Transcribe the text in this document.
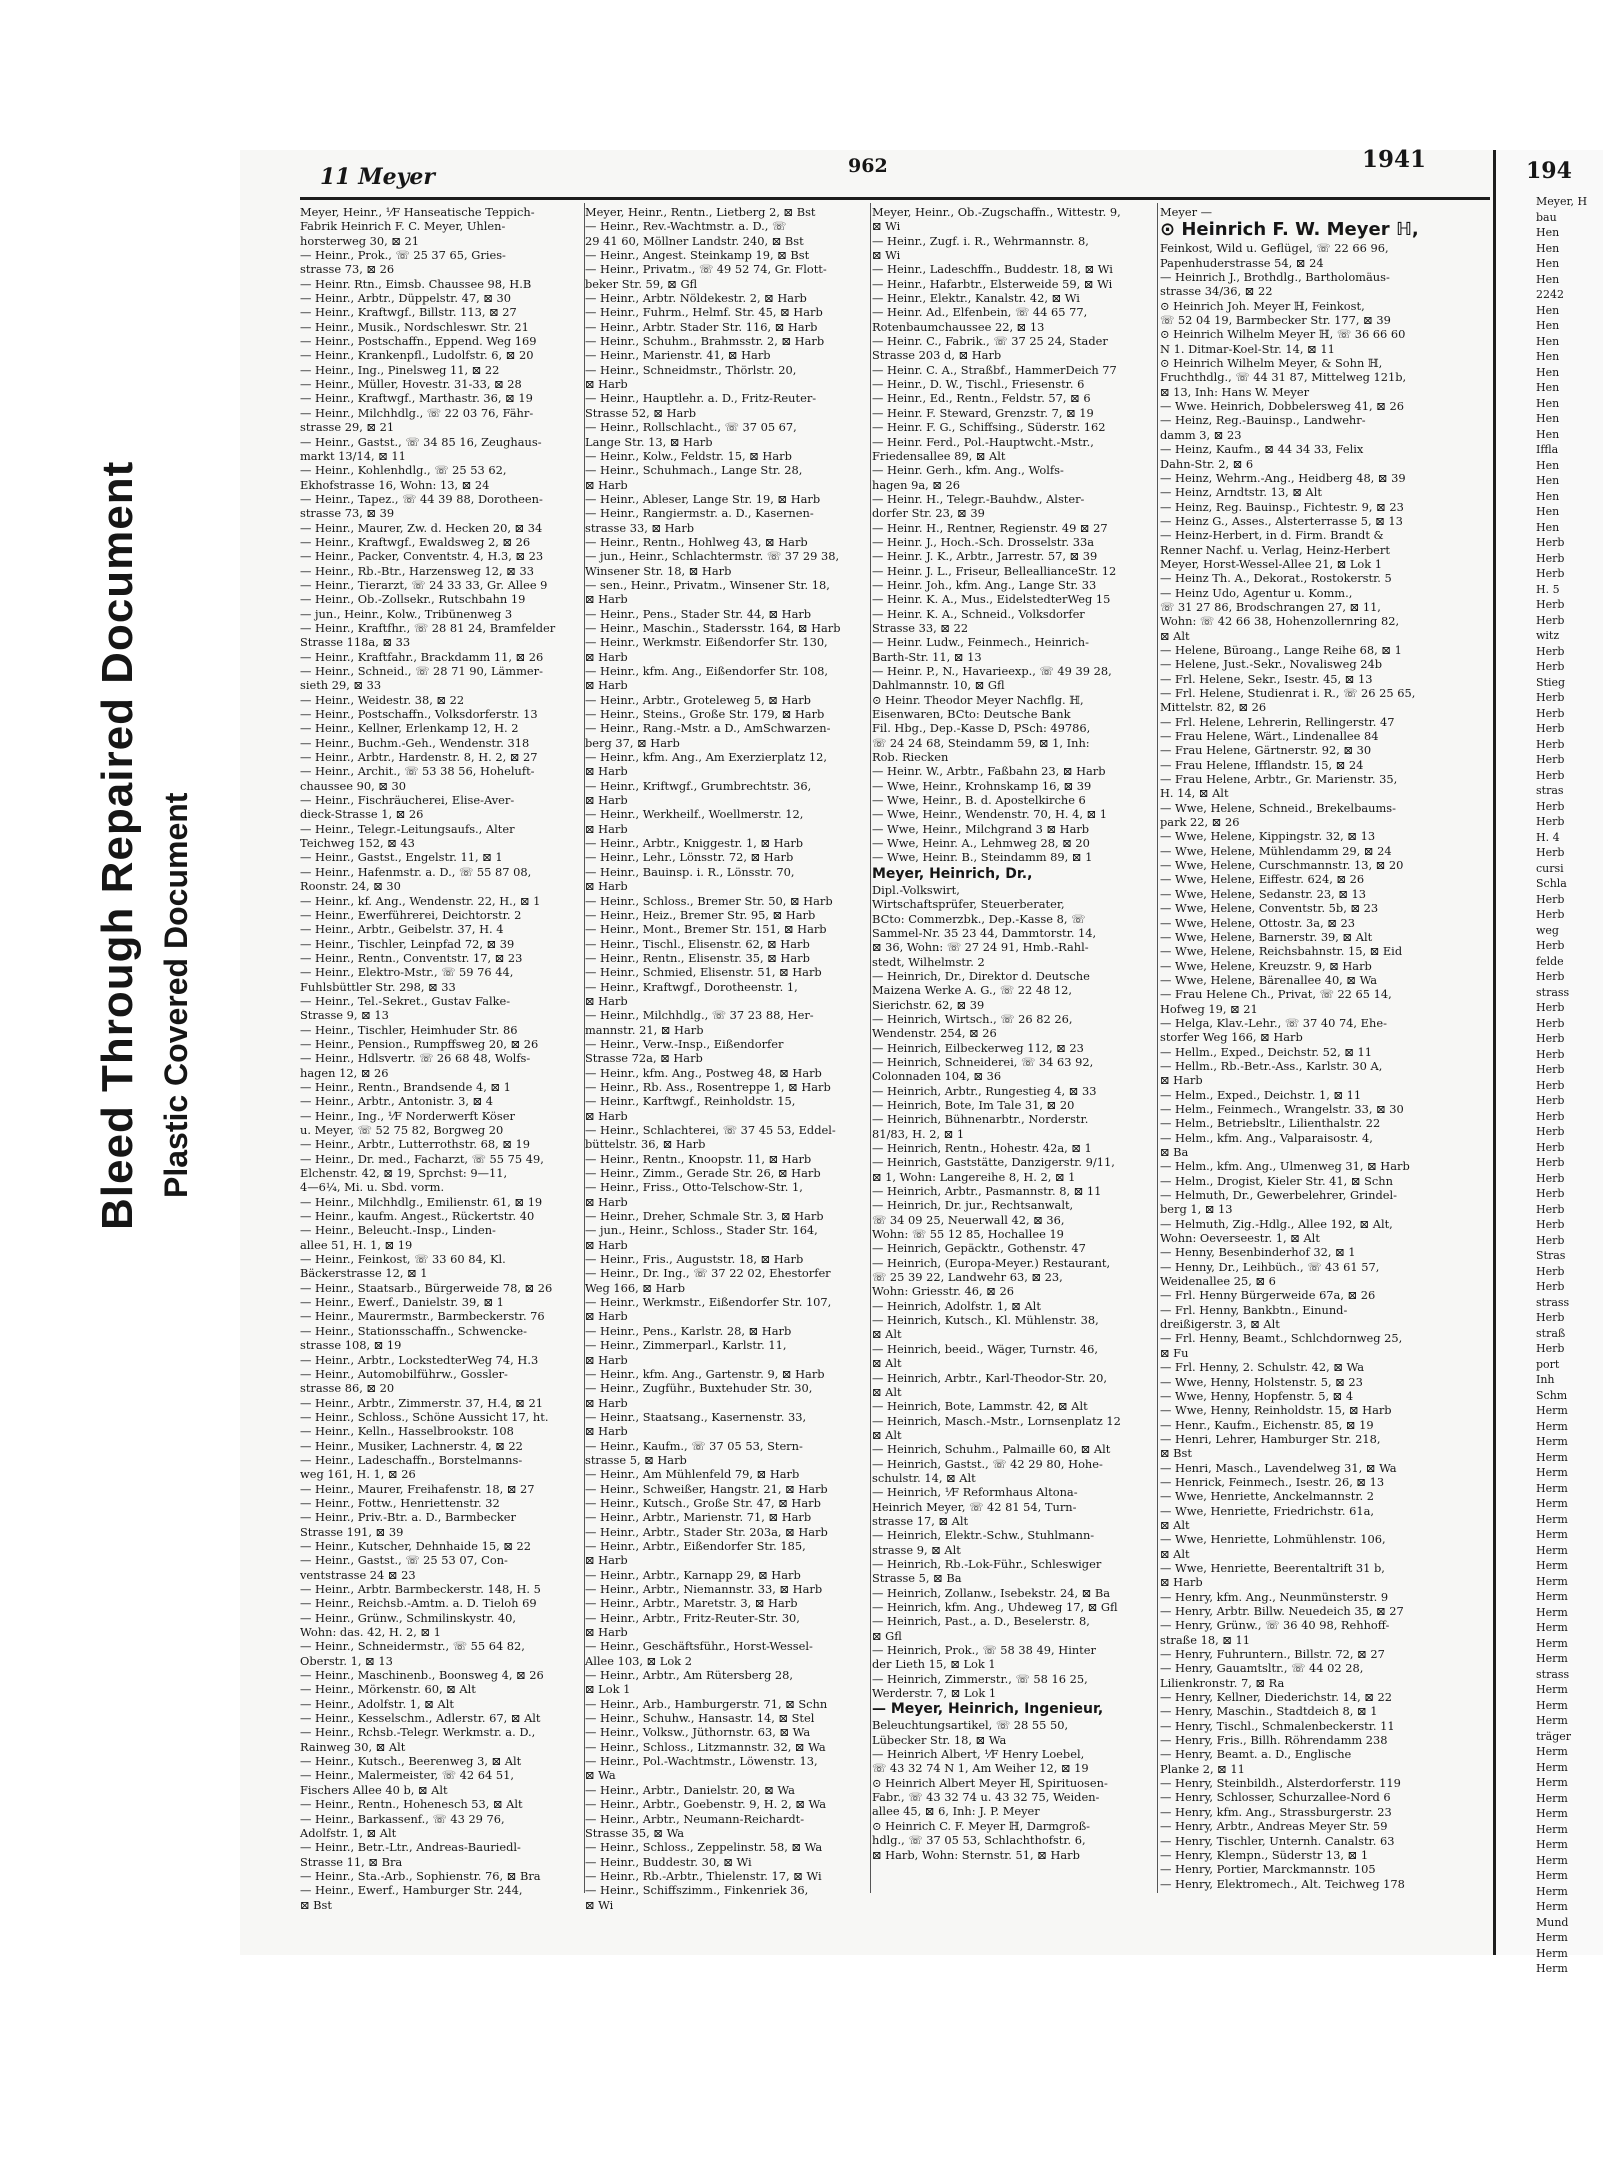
Bleed Through Repaired Document Plastic Covered Document
194
Meyer, H
bau
Hen
Hen
Hen
Hen
2242
Hen
Hen
Hen
Hen
Hen
Hen
Hen
Hen
Hen
Iffla
Hen
Hen
Hen
Hen
Hen
Herb
Herb
Herb
H. 5
Herb
Herb
witz
Herb
Herb
Stieg
Herb
Herb
Herb
Herb
Herb
Herb
stras
Herb
Herb
H. 4
Herb
cursi
Schla
Herb
Herb
weg
Herb
felde
Herb
strass
Herb
Herb
Herb
Herb
Herb
Herb
Herb
Herb
Herb
Herb
Herb
Herb
Herb
Herb
Herb
Herb
Stras
Herb
Herb
strass
Herb
straß
Herb
port
Inh
Schm
Herm
Herm
Herm
Herm
Herm
Herm
Herm
Herm
Herm
Herm
Herm
Herm
Herm
Herm
Herm
Herm
Herm
strass
Herm
Herm
Herm
träger
Herm
Herm
Herm
Herm
Herm
Herm
Herm
Herm
Herm
Herm
Herm
Mund
Herm
Herm
Herm
11 Meyer	962	1941
Meyer, Heinr., ⅟F Hanseatische Teppich-
Fabrik Heinrich F. C. Meyer, Uhlen-
horsterweg 30, ⊠ 21
— Heinr., Prok., ☏ 25 37 65, Gries-
strasse 73, ⊠ 26
— Heinr. Rtn., Eimsb. Chaussee 98, H.B
— Heinr., Arbtr., Düppelstr. 47, ⊠ 30
— Heinr., Kraftwgf., Billstr. 113, ⊠ 27
— Heinr., Musik., Nordschleswr. Str. 21
— Heinr., Postschaffn., Eppend. Weg 169
— Heinr., Krankenpfl., Ludolfstr. 6, ⊠ 20
— Heinr., Ing., Pinelsweg 11, ⊠ 22
— Heinr., Müller, Hovestr. 31-33, ⊠ 28
— Heinr., Kraftwgf., Marthastr. 36, ⊠ 19
— Heinr., Milchhdlg., ☏ 22 03 76, Fähr-
strasse 29, ⊠ 21
— Heinr., Gastst., ☏ 34 85 16, Zeughaus-
markt 13/14, ⊠ 11
— Heinr., Kohlenhdlg., ☏ 25 53 62,
Ekhofstrasse 16, Wohn: 13, ⊠ 24
— Heinr., Tapez., ☏ 44 39 88, Dorotheen-
strasse 73, ⊠ 39
— Heinr., Maurer, Zw. d. Hecken 20, ⊠ 34
— Heinr., Kraftwgf., Ewaldsweg 2, ⊠ 26
— Heinr., Packer, Conventstr. 4, H.3, ⊠ 23
— Heinr., Rb.-Btr., Harzensweg 12, ⊠ 33
— Heinr., Tierarzt, ☏ 24 33 33, Gr. Allee 9
— Heinr., Ob.-Zollsekr., Rutschbahn 19
— jun., Heinr., Kolw., Tribünenweg 3
— Heinr., Kraftfhr., ☏ 28 81 24, Bramfelder
Strasse 118a, ⊠ 33
— Heinr., Kraftfahr., Brackdamm 11, ⊠ 26
— Heinr., Schneid., ☏ 28 71 90, Lämmer-
sieth 29, ⊠ 33
— Heinr., Weidestr. 38, ⊠ 22
— Heinr., Postschaffn., Volksdorferstr. 13
— Heinr., Kellner, Erlenkamp 12, H. 2
— Heinr., Buchm.-Geh., Wendenstr. 318
— Heinr., Arbtr., Hardenstr. 8, H. 2, ⊠ 27
— Heinr., Archit., ☏ 53 38 56, Hoheluft-
chaussee 90, ⊠ 30
— Heinr., Fischräucherei, Elise-Aver-
dieck-Strasse 1, ⊠ 26
— Heinr., Telegr.-Leitungsaufs., Alter
Teichweg 152, ⊠ 43
— Heinr., Gastst., Engelstr. 11, ⊠ 1
— Heinr., Hafenmstr. a. D., ☏ 55 87 08,
Roonstr. 24, ⊠ 30
— Heinr., kf. Ang., Wendenstr. 22, H., ⊠ 1
— Heinr., Ewerführerei, Deichtorstr. 2
— Heinr., Arbtr., Geibelstr. 37, H. 4
— Heinr., Tischler, Leinpfad 72, ⊠ 39
— Heinr., Rentn., Conventstr. 17, ⊠ 23
— Heinr., Elektro-Mstr., ☏ 59 76 44,
Fuhlsbüttler Str. 298, ⊠ 33
— Heinr., Tel.-Sekret., Gustav Falke-
Strasse 9, ⊠ 13
— Heinr., Tischler, Heimhuder Str. 86
— Heinr., Pension., Rumpffsweg 20, ⊠ 26
— Heinr., Hdlsvertr. ☏ 26 68 48, Wolfs-
hagen 12, ⊠ 26
— Heinr., Rentn., Brandsende 4, ⊠ 1
— Heinr., Arbtr., Antonistr. 3, ⊠ 4
— Heinr., Ing., ⅟F Norderwerft Köser
u. Meyer, ☏ 52 75 82, Borgweg 20
— Heinr., Arbtr., Lutterrothstr. 68, ⊠ 19
— Heinr., Dr. med., Facharzt, ☏ 55 75 49,
Elchenstr. 42, ⊠ 19, Sprchst: 9—11,
4—6¼, Mi. u. Sbd. vorm.
— Heinr., Milchhdlg., Emilienstr. 61, ⊠ 19
— Heinr., kaufm. Angest., Rückertstr. 40
— Heinr., Beleucht.-Insp., Linden-
allee 51, H. 1, ⊠ 19
— Heinr., Feinkost, ☏ 33 60 84, Kl.
Bäckerstrasse 12, ⊠ 1
— Heinr., Staatsarb., Bürgerweide 78, ⊠ 26
— Heinr., Ewerf., Danielstr. 39, ⊠ 1
— Heinr., Maurermstr., Barmbeckerstr. 76
— Heinr., Stationsschaffn., Schwencke-
strasse 108, ⊠ 19
— Heinr., Arbtr., LockstedterWeg 74, H.3
— Heinr., Automobilführw., Gossler-
strasse 86, ⊠ 20
— Heinr., Arbtr., Zimmerstr. 37, H.4, ⊠ 21
— Heinr., Schloss., Schöne Aussicht 17, ht.
— Heinr., Kelln., Hasselbrookstr. 108
— Heinr., Musiker, Lachnerstr. 4, ⊠ 22
— Heinr., Ladeschaffn., Borstelmanns-
weg 161, H. 1, ⊠ 26
— Heinr., Maurer, Freihafenstr. 18, ⊠ 27
— Heinr., Fottw., Henriettenstr. 32
— Heinr., Priv.-Btr. a. D., Barmbecker
Strasse 191, ⊠ 39
— Heinr., Kutscher, Dehnhaide 15, ⊠ 22
— Heinr., Gastst., ☏ 25 53 07, Con-
ventstrasse 24 ⊠ 23
— Heinr., Arbtr. Barmbeckerstr. 148, H. 5
— Heinr., Reichsb.-Amtm. a. D. Tieloh 69
— Heinr., Grünw., Schmilinskystr. 40,
Wohn: das. 42, H. 2, ⊠ 1
— Heinr., Schneidermstr., ☏ 55 64 82,
Oberstr. 1, ⊠ 13
— Heinr., Maschinenb., Boonsweg 4, ⊠ 26
— Heinr., Mörkenstr. 60, ⊠ Alt
— Heinr., Adolfstr. 1, ⊠ Alt
— Heinr., Kesselschm., Adlerstr. 67, ⊠ Alt
— Heinr., Rchsb.-Telegr. Werkmstr. a. D.,
Rainweg 30, ⊠ Alt
— Heinr., Kutsch., Beerenweg 3, ⊠ Alt
— Heinr., Malermeister, ☏ 42 64 51,
Fischers Allee 40 b, ⊠ Alt
— Heinr., Rentn., Hohenesch 53, ⊠ Alt
— Heinr., Barkassenf., ☏ 43 29 76,
Adolfstr. 1, ⊠ Alt
— Heinr., Betr.-Ltr., Andreas-Bauriedl-
Strasse 11, ⊠ Bra
— Heinr., Sta.-Arb., Sophienstr. 76, ⊠ Bra
— Heinr., Ewerf., Hamburger Str. 244,
⊠ Bst
Meyer, Heinr., Rentn., Lietberg 2, ⊠ Bst
— Heinr., Rev.-Wachtmstr. a. D., ☏
29 41 60, Möllner Landstr. 240, ⊠ Bst
— Heinr., Angest. Steinkamp 19, ⊠ Bst
— Heinr., Privatm., ☏ 49 52 74, Gr. Flott-
beker Str. 59, ⊠ Gfl
— Heinr., Arbtr. Nöldekestr. 2, ⊠ Harb
— Heinr., Fuhrm., Helmf. Str. 45, ⊠ Harb
— Heinr., Arbtr. Stader Str. 116, ⊠ Harb
— Heinr., Schuhm., Brahmsstr. 2, ⊠ Harb
— Heinr., Marienstr. 41, ⊠ Harb
— Heinr., Schneidmstr., Thörlstr. 20,
⊠ Harb
— Heinr., Hauptlehr. a. D., Fritz-Reuter-
Strasse 52, ⊠ Harb
— Heinr., Rollschlacht., ☏ 37 05 67,
Lange Str. 13, ⊠ Harb
— Heinr., Kolw., Feldstr. 15, ⊠ Harb
— Heinr., Schuhmach., Lange Str. 28,
⊠ Harb
— Heinr., Ableser, Lange Str. 19, ⊠ Harb
— Heinr., Rangiermstr. a. D., Kasernen-
strasse 33, ⊠ Harb
— Heinr., Rentn., Hohlweg 43, ⊠ Harb
— jun., Heinr., Schlachtermstr. ☏ 37 29 38,
Winsener Str. 18, ⊠ Harb
— sen., Heinr., Privatm., Winsener Str. 18,
⊠ Harb
— Heinr., Pens., Stader Str. 44, ⊠ Harb
— Heinr., Maschin., Stadersstr. 164, ⊠ Harb
— Heinr., Werkmstr. Eißendorfer Str. 130,
⊠ Harb
— Heinr., kfm. Ang., Eißendorfer Str. 108,
⊠ Harb
— Heinr., Arbtr., Groteleweg 5, ⊠ Harb
— Heinr., Steins., Große Str. 179, ⊠ Harb
— Heinr., Rang.-Mstr. a D., AmSchwarzen-
berg 37, ⊠ Harb
— Heinr., kfm. Ang., Am Exerzierplatz 12,
⊠ Harb
— Heinr., Kriftwgf., Grumbrechtstr. 36,
⊠ Harb
— Heinr., Werkheilf., Woellmerstr. 12,
⊠ Harb
— Heinr., Arbtr., Kniggestr. 1, ⊠ Harb
— Heinr., Lehr., Lönsstr. 72, ⊠ Harb
— Heinr., Bauinsp. i. R., Lönsstr. 70,
⊠ Harb
— Heinr., Schloss., Bremer Str. 50, ⊠ Harb
— Heinr., Heiz., Bremer Str. 95, ⊠ Harb
— Heinr., Mont., Bremer Str. 151, ⊠ Harb
— Heinr., Tischl., Elisenstr. 62, ⊠ Harb
— Heinr., Rentn., Elisenstr. 35, ⊠ Harb
— Heinr., Schmied, Elisenstr. 51, ⊠ Harb
— Heinr., Kraftwgf., Dorotheenstr. 1,
⊠ Harb
— Heinr., Milchhdlg., ☏ 37 23 88, Her-
mannstr. 21, ⊠ Harb
— Heinr., Verw.-Insp., Eißendorfer
Strasse 72a, ⊠ Harb
— Heinr., kfm. Ang., Postweg 48, ⊠ Harb
— Heinr., Rb. Ass., Rosentreppe 1, ⊠ Harb
— Heinr., Karftwgf., Reinholdstr. 15,
⊠ Harb
— Heinr., Schlachterei, ☏ 37 45 53, Eddel-
büttelstr. 36, ⊠ Harb
— Heinr., Rentn., Knoopstr. 11, ⊠ Harb
— Heinr., Zimm., Gerade Str. 26, ⊠ Harb
— Heinr., Friss., Otto-Telschow-Str. 1,
⊠ Harb
— Heinr., Dreher, Schmale Str. 3, ⊠ Harb
— jun., Heinr., Schloss., Stader Str. 164,
⊠ Harb
— Heinr., Fris., Auguststr. 18, ⊠ Harb
— Heinr., Dr. Ing., ☏ 37 22 02, Ehestorfer
Weg 166, ⊠ Harb
— Heinr., Werkmstr., Eißendorfer Str. 107,
⊠ Harb
— Heinr., Pens., Karlstr. 28, ⊠ Harb
— Heinr., Zimmerparl., Karlstr. 11,
⊠ Harb
— Heinr., kfm. Ang., Gartenstr. 9, ⊠ Harb
— Heinr., Zugführ., Buxtehuder Str. 30,
⊠ Harb
— Heinr., Staatsang., Kasernenstr. 33,
⊠ Harb
— Heinr., Kaufm., ☏ 37 05 53, Stern-
strasse 5, ⊠ Harb
— Heinr., Am Mühlenfeld 79, ⊠ Harb
— Heinr., Schweißer, Hangstr. 21, ⊠ Harb
— Heinr., Kutsch., Große Str. 47, ⊠ Harb
— Heinr., Arbtr., Marienstr. 71, ⊠ Harb
— Heinr., Arbtr., Stader Str. 203a, ⊠ Harb
— Heinr., Arbtr., Eißendorfer Str. 185,
⊠ Harb
— Heinr., Arbtr., Karnapp 29, ⊠ Harb
— Heinr., Arbtr., Niemannstr. 33, ⊠ Harb
— Heinr., Arbtr., Maretstr. 3, ⊠ Harb
— Heinr., Arbtr., Fritz-Reuter-Str. 30,
⊠ Harb
— Heinr., Geschäftsführ., Horst-Wessel-
Allee 103, ⊠ Lok 2
— Heinr., Arbtr., Am Rütersberg 28,
⊠ Lok 1
— Heinr., Arb., Hamburgerstr. 71, ⊠ Schn
— Heinr., Schuhw., Hansastr. 14, ⊠ Stel
— Heinr., Volksw., Jüthornstr. 63, ⊠ Wa
— Heinr., Schloss., Litzmannstr. 32, ⊠ Wa
— Heinr., Pol.-Wachtmstr., Löwenstr. 13,
⊠ Wa
— Heinr., Arbtr., Danielstr. 20, ⊠ Wa
— Heinr., Arbtr., Goebenstr. 9, H. 2, ⊠ Wa
— Heinr., Arbtr., Neumann-Reichardt-
Strasse 35, ⊠ Wa
— Heinr., Schloss., Zeppelinstr. 58, ⊠ Wa
— Heinr., Buddestr. 30, ⊠ Wi
— Heinr., Rb.-Arbtr., Thielenstr. 17, ⊠ Wi
— Heinr., Schiffszimm., Finkenriek 36,
⊠ Wi
Meyer, Heinr., Ob.-Zugschaffn., Wittestr. 9,
⊠ Wi
— Heinr., Zugf. i. R., Wehrmannstr. 8,
⊠ Wi
— Heinr., Ladeschffn., Buddestr. 18, ⊠ Wi
— Heinr., Hafarbtr., Elsterweide 59, ⊠ Wi
— Heinr., Elektr., Kanalstr. 42, ⊠ Wi
— Heinr. Ad., Elfenbein, ☏ 44 65 77,
Rotenbaumchaussee 22, ⊠ 13
— Heinr. C., Fabrik., ☏ 37 25 24, Stader
Strasse 203 d, ⊠ Harb
— Heinr. C. A., Straßbf., HammerDeich 77
— Heinr., D. W., Tischl., Friesenstr. 6
— Heinr., Ed., Rentn., Feldstr. 57, ⊠ 6
— Heinr. F. Steward, Grenzstr. 7, ⊠ 19
— Heinr. F. G., Schiffsing., Süderstr. 162
— Heinr. Ferd., Pol.-Hauptwcht.-Mstr.,
Friedensallee 89, ⊠ Alt
— Heinr. Gerh., kfm. Ang., Wolfs-
hagen 9a, ⊠ 26
— Heinr. H., Telegr.-Bauhdw., Alster-
dorfer Str. 23, ⊠ 39
— Heinr. H., Rentner, Regienstr. 49 ⊠ 27
— Heinr. J., Hoch.-Sch. Drosselstr. 33a
— Heinr. J. K., Arbtr., Jarrestr. 57, ⊠ 39
— Heinr. J. L., Friseur, BelleallianceStr. 12
— Heinr. Joh., kfm. Ang., Lange Str. 33
— Heinr. K. A., Mus., EidelstedterWeg 15
— Heinr. K. A., Schneid., Volksdorfer
Strasse 33, ⊠ 22
— Heinr. Ludw., Feinmech., Heinrich-
Barth-Str. 11, ⊠ 13
— Heinr. P., N., Havarieexp., ☏ 49 39 28,
Dahlmannstr. 10, ⊠ Gfl
⊙ Heinr. Theodor Meyer Nachflg. ℍ,
Eisenwaren, BCto: Deutsche Bank
Fil. Hbg., Dep.-Kasse D, PSch: 49786,
☏ 24 24 68, Steindamm 59, ⊠ 1, Inh:
Rob. Riecken
— Heinr. W., Arbtr., Faßbahn 23, ⊠ Harb
— Wwe, Heinr., Krohnskamp 16, ⊠ 39
— Wwe, Heinr., B. d. Apostelkirche 6
— Wwe, Heinr., Wendenstr. 70, H. 4, ⊠ 1
— Wwe, Heinr., Milchgrand 3 ⊠ Harb
— Wwe, Heinr. A., Lehmweg 28, ⊠ 20
— Wwe, Heinr. B., Steindamm 89, ⊠ 1
Meyer, Heinrich, Dr.,
Dipl.-Volkswirt,
Wirtschaftsprüfer, Steuerberater,
BCto: Commerzbk., Dep.-Kasse 8, ☏
Sammel-Nr. 35 23 44, Dammtorstr. 14,
⊠ 36, Wohn: ☏ 27 24 91, Hmb.-Rahl-
stedt, Wilhelmstr. 2
— Heinrich, Dr., Direktor d. Deutsche
Maizena Werke A. G., ☏ 22 48 12,
Sierichstr. 62, ⊠ 39
— Heinrich, Wirtsch., ☏ 26 82 26,
Wendenstr. 254, ⊠ 26
— Heinrich, Eilbeckerweg 112, ⊠ 23
— Heinrich, Schneiderei, ☏ 34 63 92,
Colonnaden 104, ⊠ 36
— Heinrich, Arbtr., Rungestieg 4, ⊠ 33
— Heinrich, Bote, Im Tale 31, ⊠ 20
— Heinrich, Bühnenarbtr., Norderstr.
81/83, H. 2, ⊠ 1
— Heinrich, Rentn., Hohestr. 42a, ⊠ 1
— Heinrich, Gaststätte, Danzigerstr. 9/11,
⊠ 1, Wohn: Langereihe 8, H. 2, ⊠ 1
— Heinrich, Arbtr., Pasmannstr. 8, ⊠ 11
— Heinrich, Dr. jur., Rechtsanwalt,
☏ 34 09 25, Neuerwall 42, ⊠ 36,
Wohn: ☏ 55 12 85, Hochallee 19
— Heinrich, Gepäcktr., Gothenstr. 47
— Heinrich, (Europa-Meyer.) Restaurant,
☏ 25 39 22, Landwehr 63, ⊠ 23,
Wohn: Griesstr. 46, ⊠ 26
— Heinrich, Adolfstr. 1, ⊠ Alt
— Heinrich, Kutsch., Kl. Mühlenstr. 38,
⊠ Alt
— Heinrich, beeid., Wäger, Turnstr. 46,
⊠ Alt
— Heinrich, Arbtr., Karl-Theodor-Str. 20,
⊠ Alt
— Heinrich, Bote, Lammstr. 42, ⊠ Alt
— Heinrich, Masch.-Mstr., Lornsenplatz 12
⊠ Alt
— Heinrich, Schuhm., Palmaille 60, ⊠ Alt
— Heinrich, Gastst., ☏ 42 29 80, Hohe-
schulstr. 14, ⊠ Alt
— Heinrich, ⅟F Reformhaus Altona-
Heinrich Meyer, ☏ 42 81 54, Turn-
strasse 17, ⊠ Alt
— Heinrich, Elektr.-Schw., Stuhlmann-
strasse 9, ⊠ Alt
— Heinrich, Rb.-Lok-Führ., Schleswiger
Strasse 5, ⊠ Ba
— Heinrich, Zollanw., Isebekstr. 24, ⊠ Ba
— Heinrich, kfm. Ang., Uhdeweg 17, ⊠ Gfl
— Heinrich, Past., a. D., Beselerstr. 8,
⊠ Gfl
— Heinrich, Prok., ☏ 58 38 49, Hinter
der Lieth 15, ⊠ Lok 1
— Heinrich, Zimmerstr., ☏ 58 16 25,
Werderstr. 7, ⊠ Lok 1
— Meyer, Heinrich, Ingenieur,
Beleuchtungsartikel, ☏ 28 55 50,
Lübecker Str. 18, ⊠ Wa
— Heinrich Albert, ⅟F Henry Loebel,
☏ 43 32 74 N 1, Am Weiher 12, ⊠ 19
⊙ Heinrich Albert Meyer ℍ, Spirituosen-
Fabr., ☏ 43 32 74 u. 43 32 75, Weiden-
allee 45, ⊠ 6, Inh: J. P. Meyer
⊙ Heinrich C. F. Meyer ℍ, Darmgroß-
hdlg., ☏ 37 05 53, Schlachthofstr. 6,
⊠ Harb, Wohn: Sternstr. 51, ⊠ Harb
Meyer —
⊙ Heinrich F. W. Meyer ℍ,
Feinkost, Wild u. Geflügel, ☏ 22 66 96,
Papenhuderstrasse 54, ⊠ 24
— Heinrich J., Brothdlg., Bartholomäus-
strasse 34/36, ⊠ 22
⊙ Heinrich Joh. Meyer ℍ, Feinkost,
☏ 52 04 19, Barmbecker Str. 177, ⊠ 39
⊙ Heinrich Wilhelm Meyer ℍ, ☏ 36 66 60
N 1. Ditmar-Koel-Str. 14, ⊠ 11
⊙ Heinrich Wilhelm Meyer, & Sohn ℍ,
Fruchthdlg., ☏ 44 31 87, Mittelweg 121b,
⊠ 13, Inh: Hans W. Meyer
— Wwe. Heinrich, Dobbelersweg 41, ⊠ 26
— Heinz, Reg.-Bauinsp., Landwehr-
damm 3, ⊠ 23
— Heinz, Kaufm., ⊠ 44 34 33, Felix
Dahn-Str. 2, ⊠ 6
— Heinz, Wehrm.-Ang., Heidberg 48, ⊠ 39
— Heinz, Arndtstr. 13, ⊠ Alt
— Heinz, Reg. Bauinsp., Fichtestr. 9, ⊠ 23
— Heinz G., Asses., Alsterterrasse 5, ⊠ 13
— Heinz-Herbert, in d. Firm. Brandt &
Renner Nachf. u. Verlag, Heinz-Herbert
Meyer, Horst-Wessel-Allee 21, ⊠ Lok 1
— Heinz Th. A., Dekorat., Rostokerstr. 5
— Heinz Udo, Agentur u. Komm.,
☏ 31 27 86, Brodschrangen 27, ⊠ 11,
Wohn: ☏ 42 66 38, Hohenzollernring 82,
⊠ Alt
— Helene, Büroang., Lange Reihe 68, ⊠ 1
— Helene, Just.-Sekr., Novalisweg 24b
— Frl. Helene, Sekr., Isestr. 45, ⊠ 13
— Frl. Helene, Studienrat i. R., ☏ 26 25 65,
Mittelstr. 82, ⊠ 26
— Frl. Helene, Lehrerin, Rellingerstr. 47
— Frau Helene, Wärt., Lindenallee 84
— Frau Helene, Gärtnerstr. 92, ⊠ 30
— Frau Helene, Ifflandstr. 15, ⊠ 24
— Frau Helene, Arbtr., Gr. Marienstr. 35,
H. 14, ⊠ Alt
— Wwe, Helene, Schneid., Brekelbaums-
park 22, ⊠ 26
— Wwe, Helene, Kippingstr. 32, ⊠ 13
— Wwe, Helene, Mühlendamm 29, ⊠ 24
— Wwe, Helene, Curschmannstr. 13, ⊠ 20
— Wwe, Helene, Eiffestr. 624, ⊠ 26
— Wwe, Helene, Sedanstr. 23, ⊠ 13
— Wwe, Helene, Conventstr. 5b, ⊠ 23
— Wwe, Helene, Ottostr. 3a, ⊠ 23
— Wwe, Helene, Barnerstr. 39, ⊠ Alt
— Wwe, Helene, Reichsbahnstr. 15, ⊠ Eid
— Wwe, Helene, Kreuzstr. 9, ⊠ Harb
— Wwe, Helene, Bärenallee 40, ⊠ Wa
— Frau Helene Ch., Privat, ☏ 22 65 14,
Hofweg 19, ⊠ 21
— Helga, Klav.-Lehr., ☏ 37 40 74, Ehe-
storfer Weg 166, ⊠ Harb
— Hellm., Exped., Deichstr. 52, ⊠ 11
— Hellm., Rb.-Betr.-Ass., Karlstr. 30 A,
⊠ Harb
— Helm., Exped., Deichstr. 1, ⊠ 11
— Helm., Feinmech., Wrangelstr. 33, ⊠ 30
— Helm., Betriebsltr., Lilienthalstr. 22
— Helm., kfm. Ang., Valparaisostr. 4,
⊠ Ba
— Helm., kfm. Ang., Ulmenweg 31, ⊠ Harb
— Helm., Drogist, Kieler Str. 41, ⊠ Schn
— Helmuth, Dr., Gewerbelehrer, Grindel-
berg 1, ⊠ 13
— Helmuth, Zig.-Hdlg., Allee 192, ⊠ Alt,
Wohn: Oeverseestr. 1, ⊠ Alt
— Henny, Besenbinderhof 32, ⊠ 1
— Henny, Dr., Leihbüch., ☏ 43 61 57,
Weidenallee 25, ⊠ 6
— Frl. Henny Bürgerweide 67a, ⊠ 26
— Frl. Henny, Bankbtn., Einund-
dreißigerstr. 3, ⊠ Alt
— Frl. Henny, Beamt., Schlchdornweg 25,
⊠ Fu
— Frl. Henny, 2. Schulstr. 42, ⊠ Wa
— Wwe, Henny, Holstenstr. 5, ⊠ 23
— Wwe, Henny, Hopfenstr. 5, ⊠ 4
— Wwe, Henny, Reinholdstr. 15, ⊠ Harb
— Henr., Kaufm., Eichenstr. 85, ⊠ 19
— Henri, Lehrer, Hamburger Str. 218,
⊠ Bst
— Henri, Masch., Lavendelweg 31, ⊠ Wa
— Henrick, Feinmech., Isestr. 26, ⊠ 13
— Wwe, Henriette, Anckelmannstr. 2
— Wwe, Henriette, Friedrichstr. 61a,
⊠ Alt
— Wwe, Henriette, Lohmühlenstr. 106,
⊠ Alt
— Wwe, Henriette, Beerentaltrift 31 b,
⊠ Harb
— Henry, kfm. Ang., Neunmünsterstr. 9
— Henry, Arbtr. Billw. Neuedeich 35, ⊠ 27
— Henry, Grünw., ☏ 36 40 98, Rehhoff-
straße 18, ⊠ 11
— Henry, Fuhruntern., Billstr. 72, ⊠ 27
— Henry, Gauamtsltr., ☏ 44 02 28,
Lilienkronstr. 7, ⊠ Ra
— Henry, Kellner, Diederichstr. 14, ⊠ 22
— Henry, Maschin., Stadtdeich 8, ⊠ 1
— Henry, Tischl., Schmalenbeckerstr. 11
— Henry, Fris., Billh. Röhrendamm 238
— Henry, Beamt. a. D., Englische
Planke 2, ⊠ 11
— Henry, Steinbildh., Alsterdorferstr. 119
— Henry, Schlosser, Schurzallee-Nord 6
— Henry, kfm. Ang., Strassburgerstr. 23
— Henry, Arbtr., Andreas Meyer Str. 59
— Henry, Tischler, Unternh. Canalstr. 63
— Henry, Klempn., Süderstr 13, ⊠ 1
— Henry, Portier, Marckmannstr. 105
— Henry, Elektromech., Alt. Teichweg 178
